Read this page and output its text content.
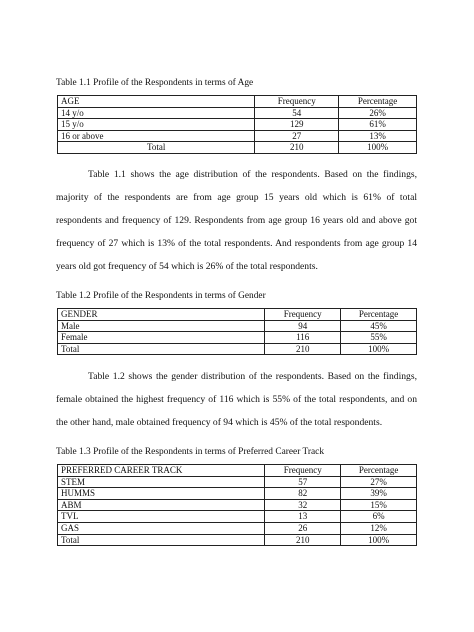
Table 1.1 Profile of the Respondents in terms of Age
AGE	Frequency	Percentage
14 y/o	54	26%
15 y/o	129	61%
16 or above	27	13%
Total	210	100%

Table 1.1 shows the age distribution of the respondents. Based on the findings, majority of the respondents are from age group 15 years old which is 61% of total respondents and frequency of 129. Respondents from age group 16 years old and above got frequency of 27 which is 13% of the total respondents. And respondents from age group 14 years old got frequency of 54 which is 26% of the total respondents.

Table 1.2 Profile of the Respondents in terms of Gender
GENDER	Frequency	Percentage
Male	94	45%
Female	116	55%
Total	210	100%

Table 1.2 shows the gender distribution of the respondents. Based on the findings, female obtained the highest frequency of 116 which is 55% of the total respondents, and on the other hand, male obtained frequency of 94 which is 45% of the total respondents.

Table 1.3 Profile of the Respondents in terms of Preferred Career Track
PREFERRED CAREER TRACK	Frequency	Percentage
STEM	57	27%
HUMMS	82	39%
ABM	32	15%
TVL	13	6%
GAS	26	12%
Total	210	100%
